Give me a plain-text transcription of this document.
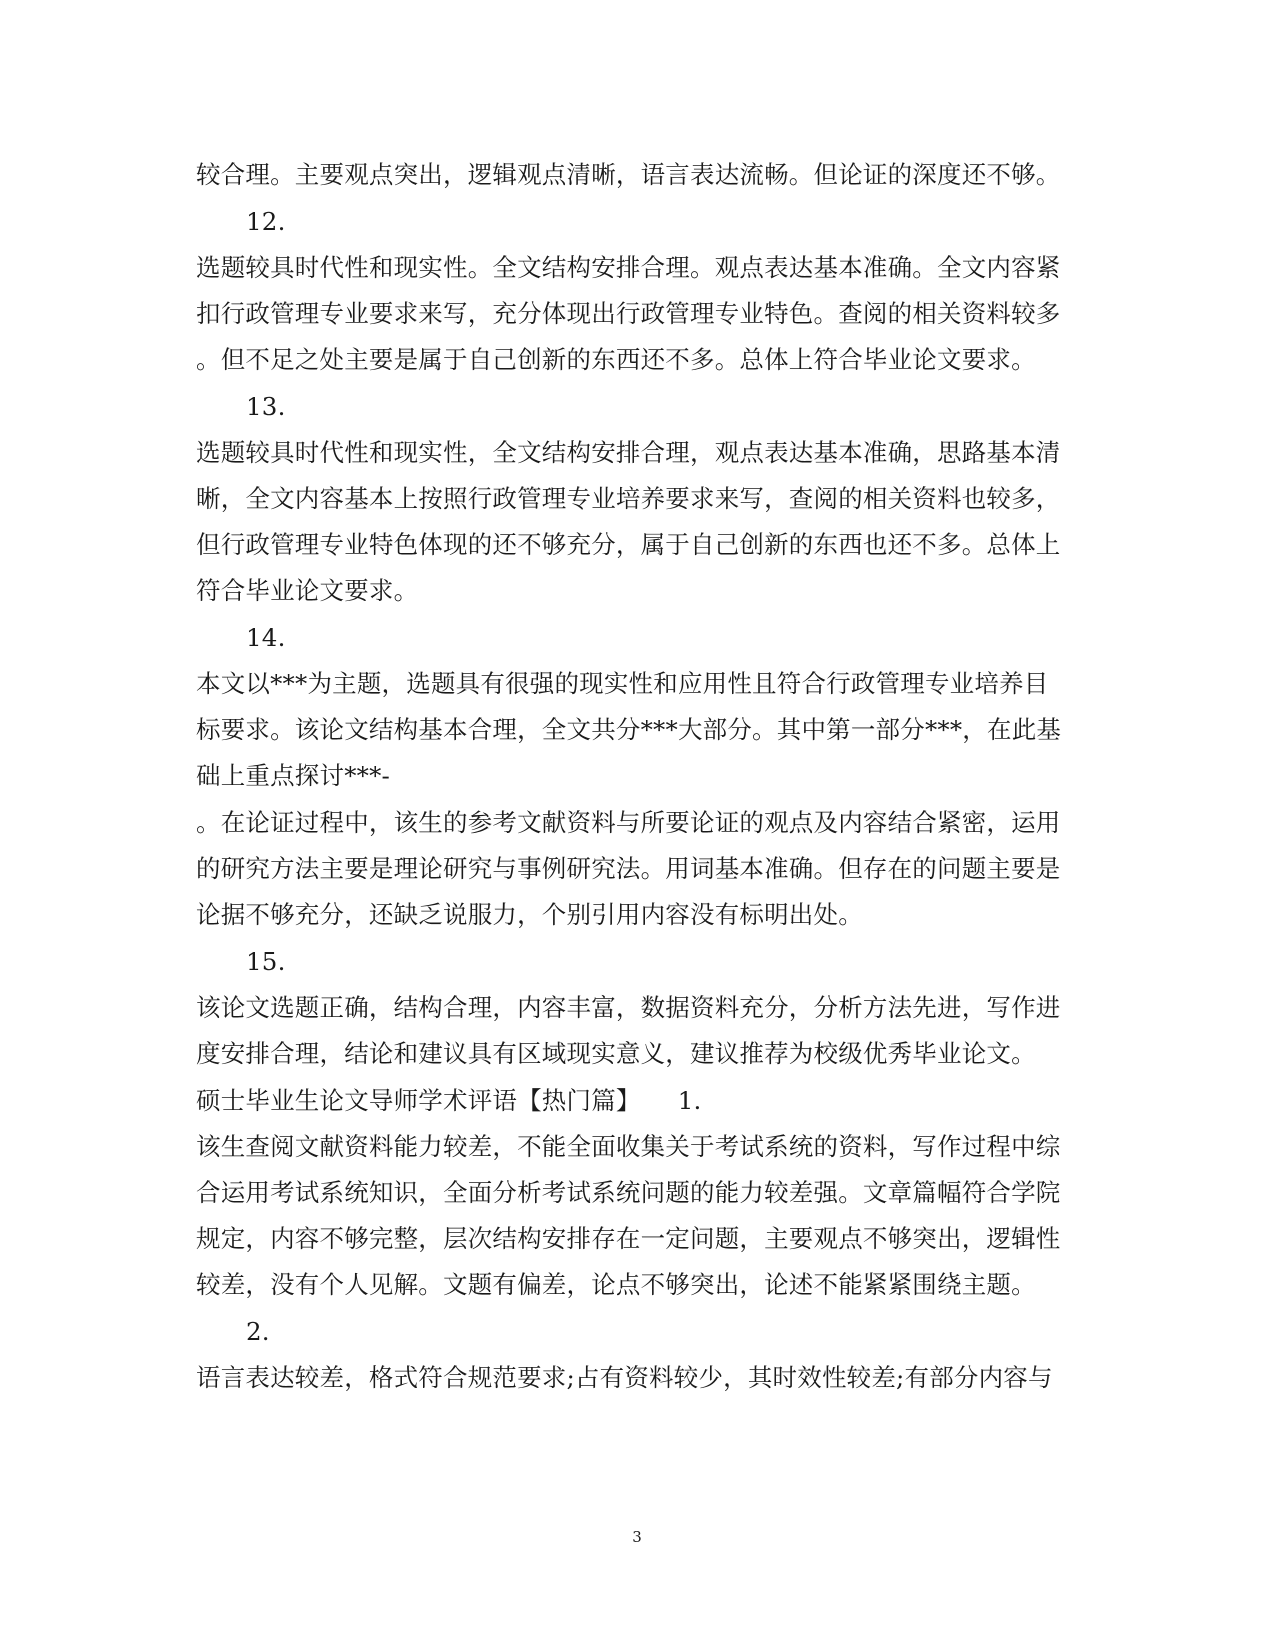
较合理。主要观点突出，逻辑观点清晰，语言表达流畅。但论证的深度还不够。
12.
选题较具时代性和现实性。全文结构安排合理。观点表达基本准确。全文内容紧
扣行政管理专业要求来写，充分体现出行政管理专业特色。查阅的相关资料较多
。但不足之处主要是属于自己创新的东西还不多。总体上符合毕业论文要求。
13.
选题较具时代性和现实性，全文结构安排合理，观点表达基本准确，思路基本清
晰，全文内容基本上按照行政管理专业培养要求来写，查阅的相关资料也较多，
但行政管理专业特色体现的还不够充分，属于自己创新的东西也还不多。总体上
符合毕业论文要求。
14.
本文以***为主题，选题具有很强的现实性和应用性且符合行政管理专业培养目
标要求。该论文结构基本合理，全文共分***大部分。其中第一部分***，在此基
础上重点探讨***-
。在论证过程中，该生的参考文献资料与所要论证的观点及内容结合紧密，运用
的研究方法主要是理论研究与事例研究法。用词基本准确。但存在的问题主要是
论据不够充分，还缺乏说服力，个别引用内容没有标明出处。
15.
该论文选题正确，结构合理，内容丰富，数据资料充分，分析方法先进，写作进
度安排合理，结论和建议具有区域现实意义，建议推荐为校级优秀毕业论文。
硕士毕业生论文导师学术评语【热门篇】　　1.
该生查阅文献资料能力较差，不能全面收集关于考试系统的资料，写作过程中综
合运用考试系统知识，全面分析考试系统问题的能力较差强。文章篇幅符合学院
规定，内容不够完整，层次结构安排存在一定问题，主要观点不够突出，逻辑性
较差，没有个人见解。文题有偏差，论点不够突出，论述不能紧紧围绕主题。
2.
语言表达较差，格式符合规范要求;占有资料较少，其时效性较差;有部分内容与
3
